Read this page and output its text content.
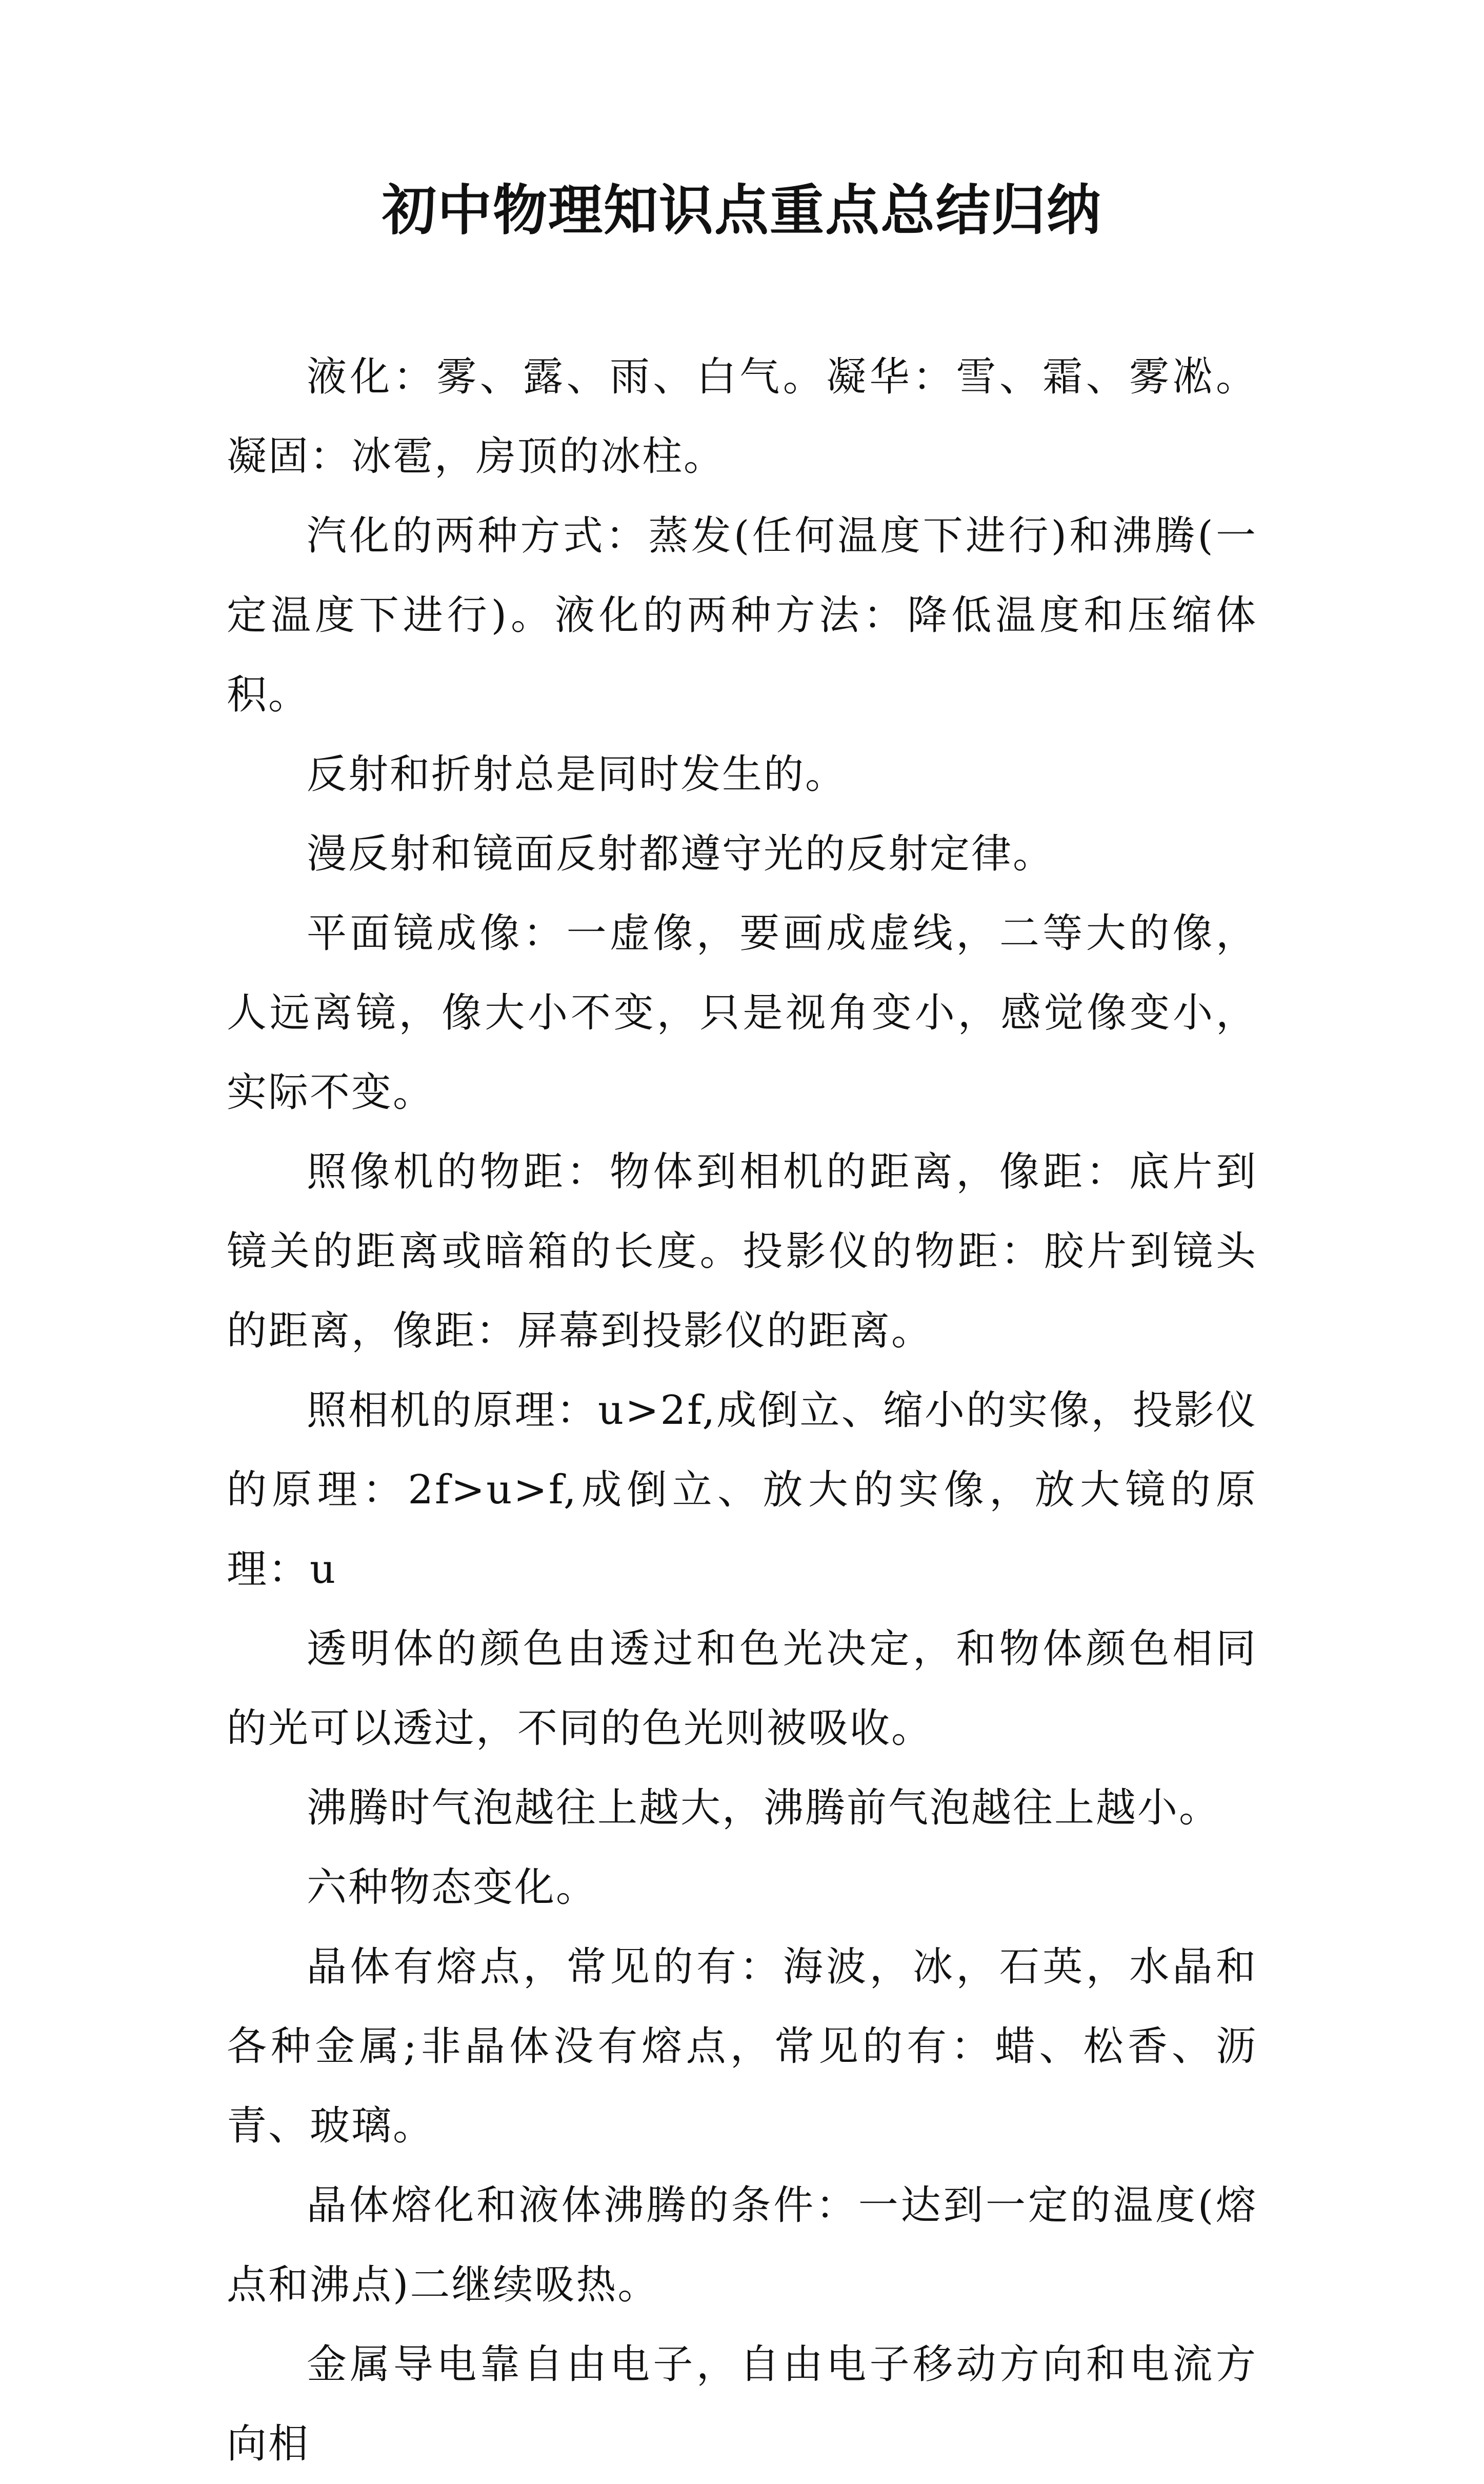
初中物理知识点重点总结归纳

液化：雾、露、雨、白气。凝华：雪、霜、雾凇。凝固：冰雹，房顶的冰柱。

汽化的两种方式：蒸发(任何温度下进行)和沸腾(一定温度下进行)。液化的两种方法：降低温度和压缩体积。

反射和折射总是同时发生的。

漫反射和镜面反射都遵守光的反射定律。

平面镜成像：一虚像，要画成虚线，二等大的像，人远离镜，像大小不变，只是视角变小，感觉像变小，实际不变。

照像机的物距：物体到相机的距离，像距：底片到镜关的距离或暗箱的长度。投影仪的物距：胶片到镜头的距离，像距：屏幕到投影仪的距离。

照相机的原理：u>2f,成倒立、缩小的实像，投影仪的原理：2f>u>f,成倒立、放大的实像，放大镜的原理：u

透明体的颜色由透过和色光决定，和物体颜色相同的光可以透过，不同的色光则被吸收。

沸腾时气泡越往上越大，沸腾前气泡越往上越小。

六种物态变化。

晶体有熔点，常见的有：海波，冰，石英，水晶和各种金属;非晶体没有熔点，常见的有：蜡、松香、沥青、玻璃。

晶体熔化和液体沸腾的条件：一达到一定的温度(熔点和沸点)二继续吸热。

金属导电靠自由电子，自由电子移动方向和电流方向相
